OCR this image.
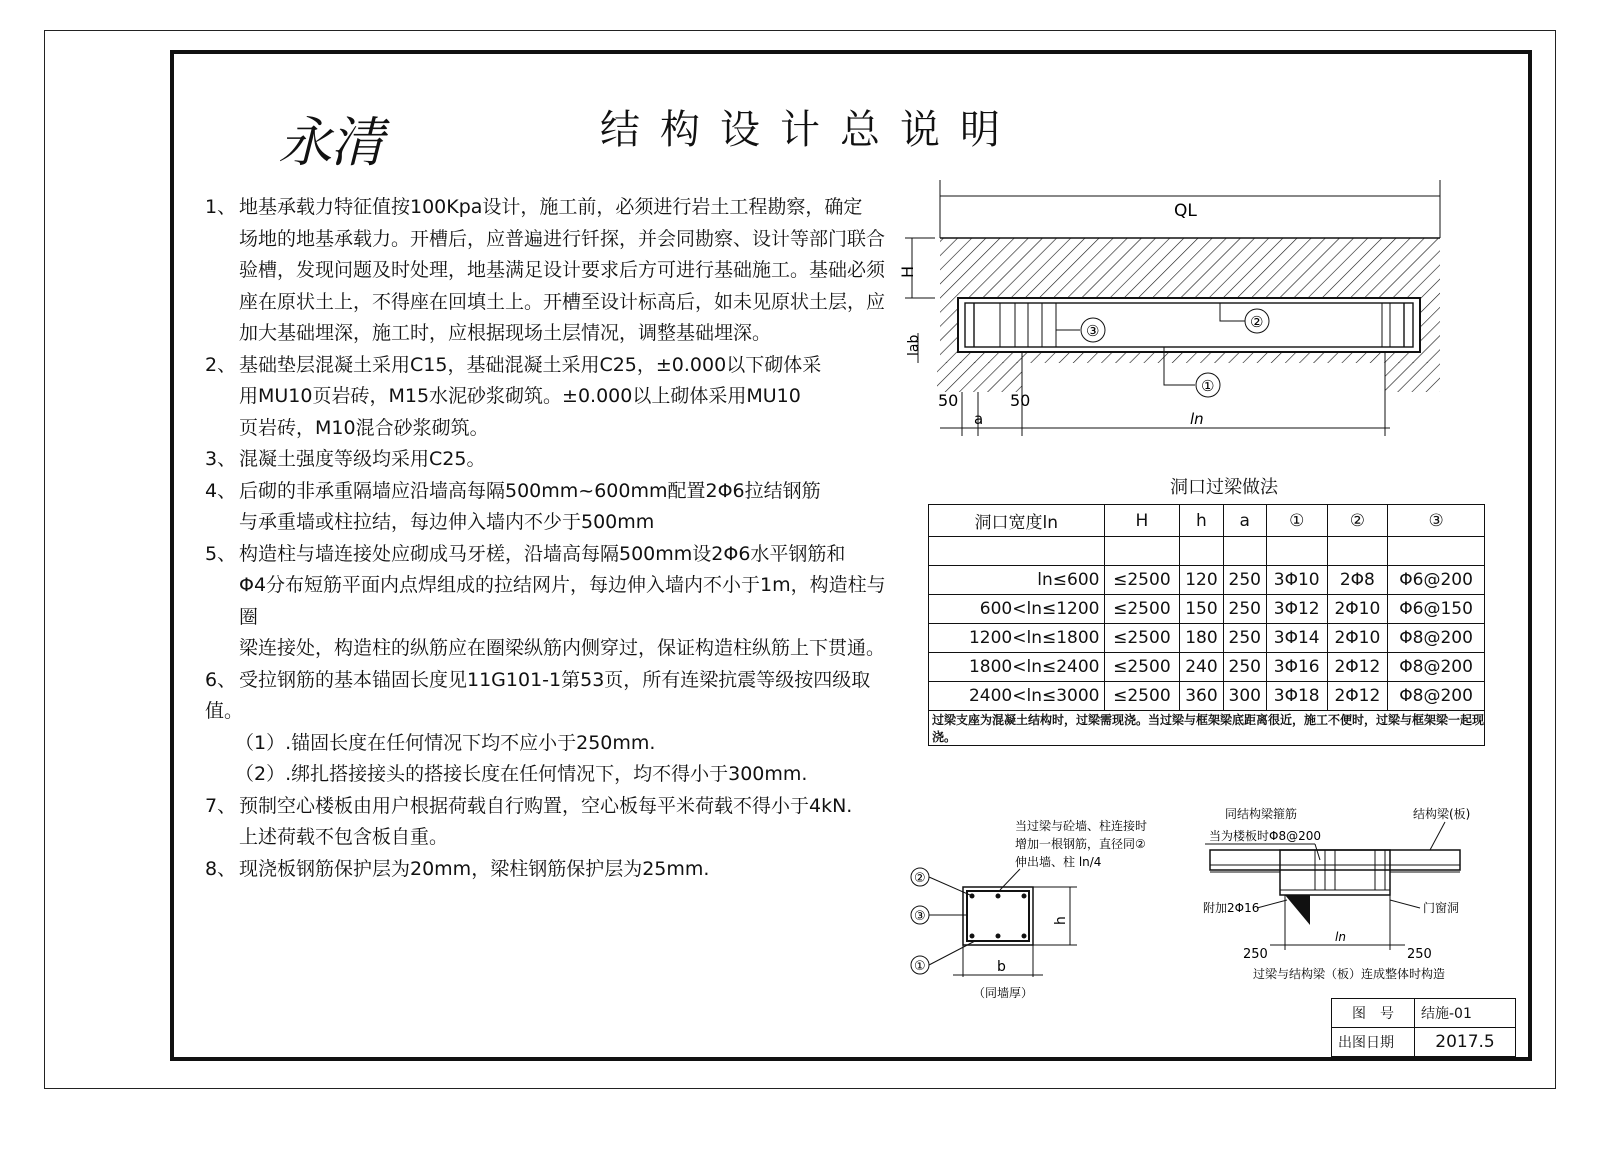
永清	结构设计总说明
1、 地基承载力特征值按100Kpa设计，施工前，必须进行岩土工程勘察，确定

场地的地基承载力。开槽后，应普遍进行钎探，并会同勘察、设计等部门联合
验槽，发现问题及时处理，地基满足设计要求后方可进行基础施工。基础必须
座在原状土上，不得座在回填土上。开槽至设计标高后，如未见原状土层，应
加大基础埋深，施工时，应根据现场土层情况，调整基础埋深。
2、 基础垫层混凝土采用C15，基础混凝土采用C25，±0.000以下砌体采

用MU10页岩砖，M15水泥砂浆砌筑。±0.000以上砌体采用MU10
页岩砖，M10混合砂浆砌筑。
3、 混凝土强度等级均采用C25。

4、 后砌的非承重隔墙应沿墙高每隔500mm~600mm配置2Φ6拉结钢筋

与承重墙或柱拉结，每边伸入墙内不少于500mm
5、 构造柱与墙连接处应砌成马牙槎，沿墙高每隔500mm设2Φ6水平钢筋和

Φ4分布短筋平面内点焊组成的拉结网片，每边伸入墙内不小于1m，构造柱与圈
梁连接处，构造柱的纵筋应在圈梁纵筋内侧穿过，保证构造柱纵筋上下贯通。
6、 受拉钢筋的基本锚固长度见11G101-1第53页，所有连梁抗震等级按四级取值。

（1）.锚固长度在任何情况下均不应小于250mm.
（2）.绑扎搭接接头的搭接长度在任何情况下，均不得小于300mm.
7、 预制空心楼板由用户根据荷载自行购置，空心板每平米荷载不得小于4kN.

上述荷载不包含板自重。
8、 现浇板钢筋保护层为20mm，梁柱钢筋保护层为25mm.

QL
H
lab
③	②
①
50	50
a	ln
洞口过梁做法
洞口宽度ln	H	h	a	①	②	③

ln≤600	≤2500	120	250	3Φ10	2Φ8	Φ6@200
600<ln≤1200	≤2500	150	250	3Φ12	2Φ10	Φ6@150
1200<ln≤1800	≤2500	180	250	3Φ14	2Φ10	Φ8@200
1800<ln≤2400	≤2500	240	250	3Φ16	2Φ12	Φ8@200
2400<ln≤3000	≤2500	360	300	3Φ18	2Φ12	Φ8@200
过梁支座为混凝土结构时，过梁需现浇。当过梁与框架梁底距离很近，施工不便时，过梁与框架梁一起现浇。						
当过梁与砼墙、柱连接时
增加一根钢筋，直径同②
伸出墙、柱 ln/4
②
③
①
h
b
（同墙厚）
同结构梁箍筋
当为楼板时Φ8@200
结构梁(板)
附加2Φ16	门窗洞
250	250
ln
过梁与结构梁（板）连成整体时构造
图　号	结施-01
出图日期	2017.5
